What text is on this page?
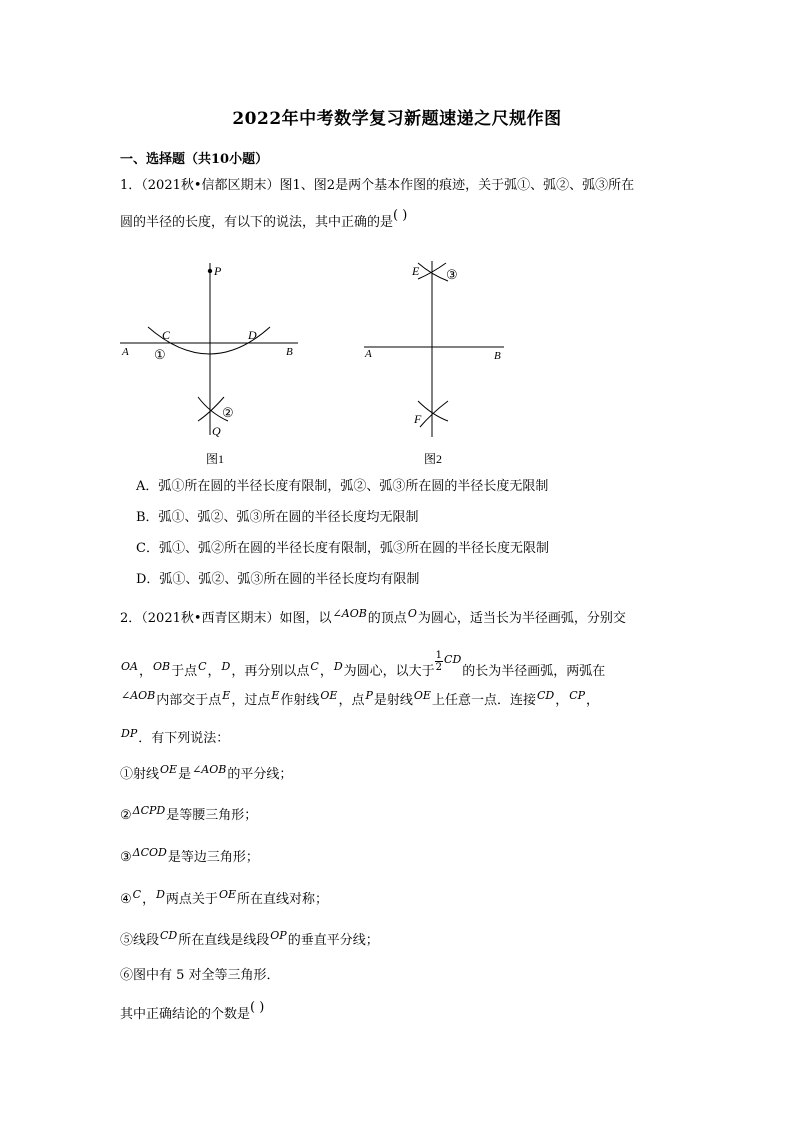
2022年中考数学复习新题速递之尺规作图
一、选择题（共10小题）
1．（2021秋•信都区期末）图1、图2是两个基本作图的痕迹，关于弧①、弧②、弧③所在
圆的半径的长度，有以下的说法，其中正确的是( )
P
C	D
A	B
①
②
Q
图1
E ③
A	B
F
图2
A．弧①所在圆的半径长度有限制，弧②、弧③所在圆的半径长度无限制
B．弧①、弧②、弧③所在圆的半径长度均无限制
C．弧①、弧②所在圆的半径长度有限制，弧③所在圆的半径长度无限制
D．弧①、弧②、弧③所在圆的半径长度均有限制
2．（2021秋•西青区期末）如图，以$^{\angle AOB}$的顶点$^O$为圆心，适当长为半径画弧，分别交
$^{OA}$，$^{OB}$于点$^C$，$^D$，再分别以点$^C$，$^D$为圆心，以大于 $\frac{1}{2} ^{CD}$的长为半径画弧，两弧在
$^{\angle AOB}$内部交于点$^E$，过点$^E$作射线$^{OE}$，点$^P$是射线$^{OE}$上任意一点．连接$^{CD}$，$^{CP}$，
$^{DP}$．有下列说法：
①射线$^{OE}$是$^{\angle AOB}$的平分线；
②$^{\Delta CPD}$是等腰三角形；
③$^{\Delta COD}$是等边三角形；
④$^C$，$^D$两点关于$^{OE}$所在直线对称；
⑤线段$^{CD}$所在直线是线段$^{OP}$的垂直平分线；
⑥图中有 5 对全等三角形．
其中正确结论的个数是( )
